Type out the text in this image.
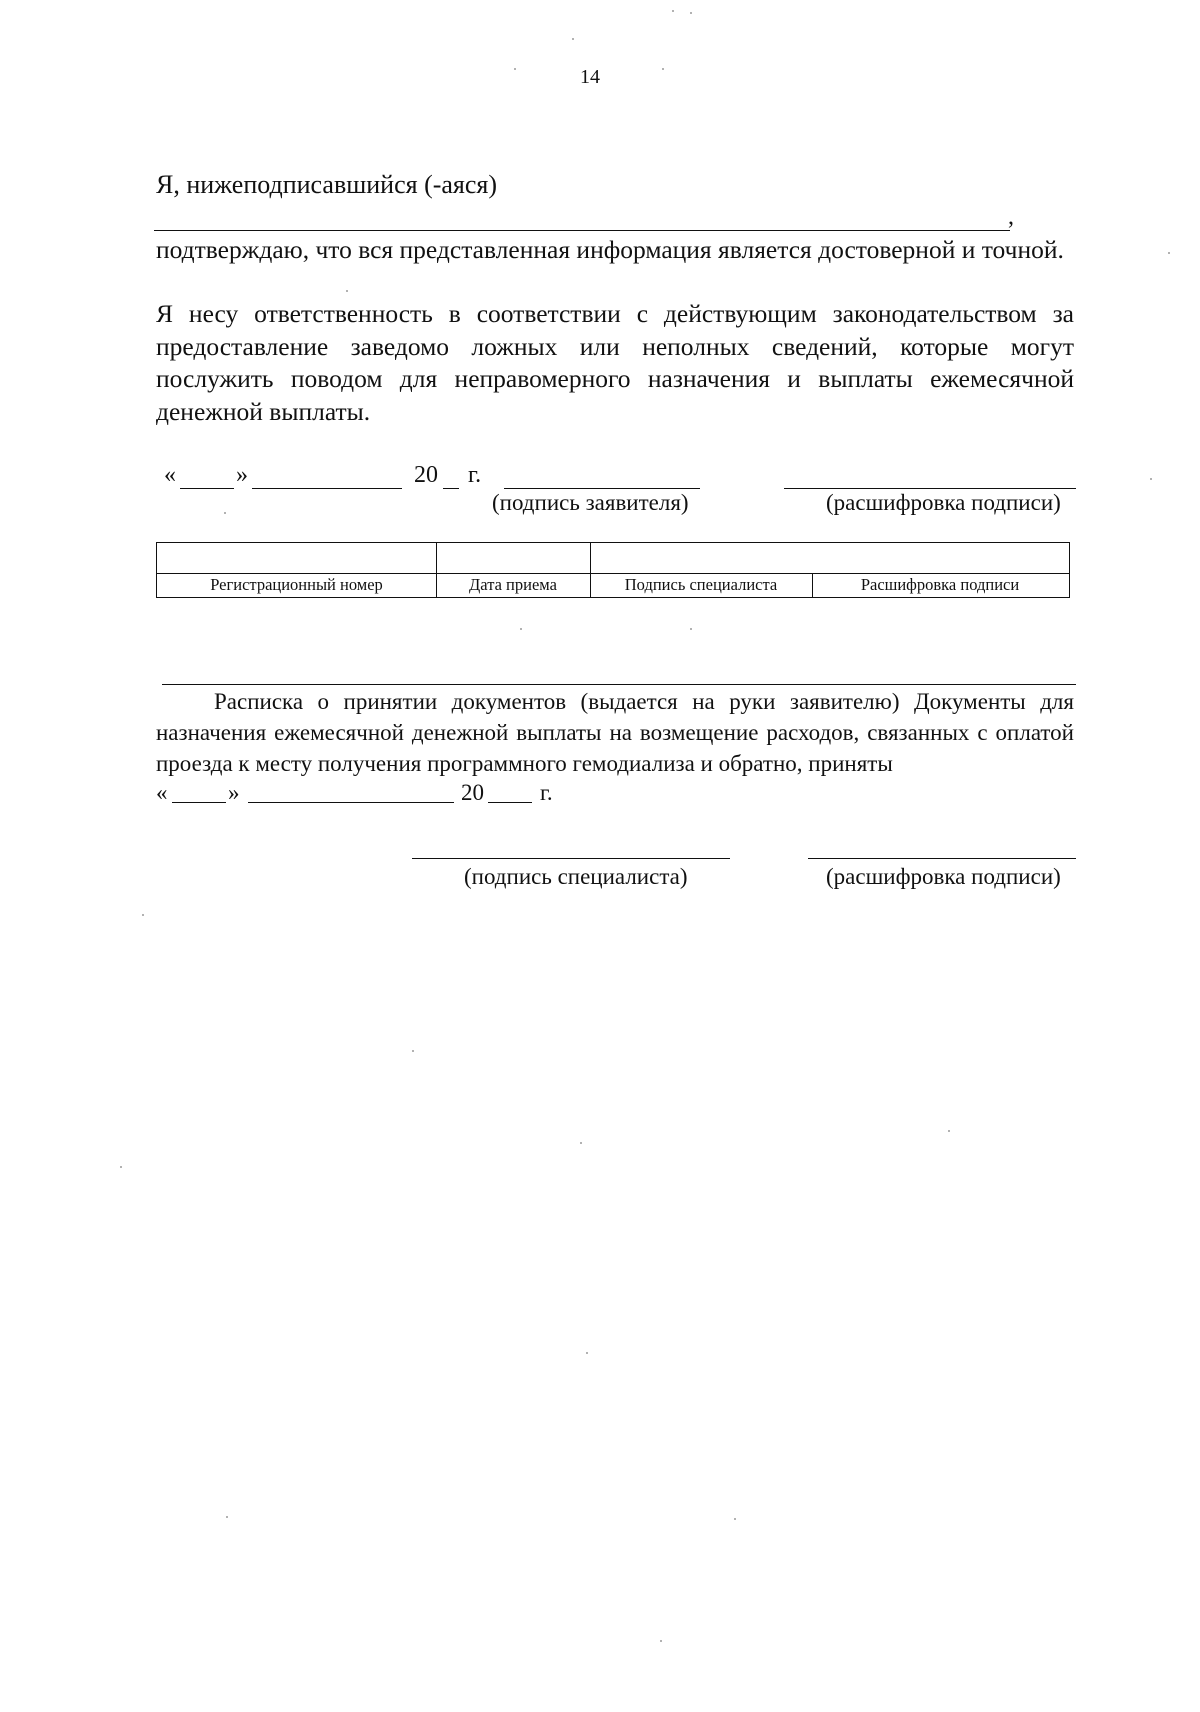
14
Я, нижеподписавшийся (-аяся)
,
подтверждаю, что вся представленная информация является достоверной и точной.
Я несу ответственность в соответствии с действующим законодательством за предоставление заведомо ложных или неполных сведений, которые могут послужить поводом для неправомерного назначения и выплаты ежемесячной денежной выплаты.
«	»	20 г.
(подпись заявителя)	(расшифровка подписи)
Регистрационный номер	Дата приема	Подпись специалиста	Расшифровка подписи
Расписка о принятии документов (выдается на руки заявителю) Документы для назначения ежемесячной денежной выплаты на возмещение расходов, связанных с оплатой проезда к месту получения программного гемодиализа и обратно, приняты
«	»	20 г.
(подпись специалиста)	(расшифровка подписи)
